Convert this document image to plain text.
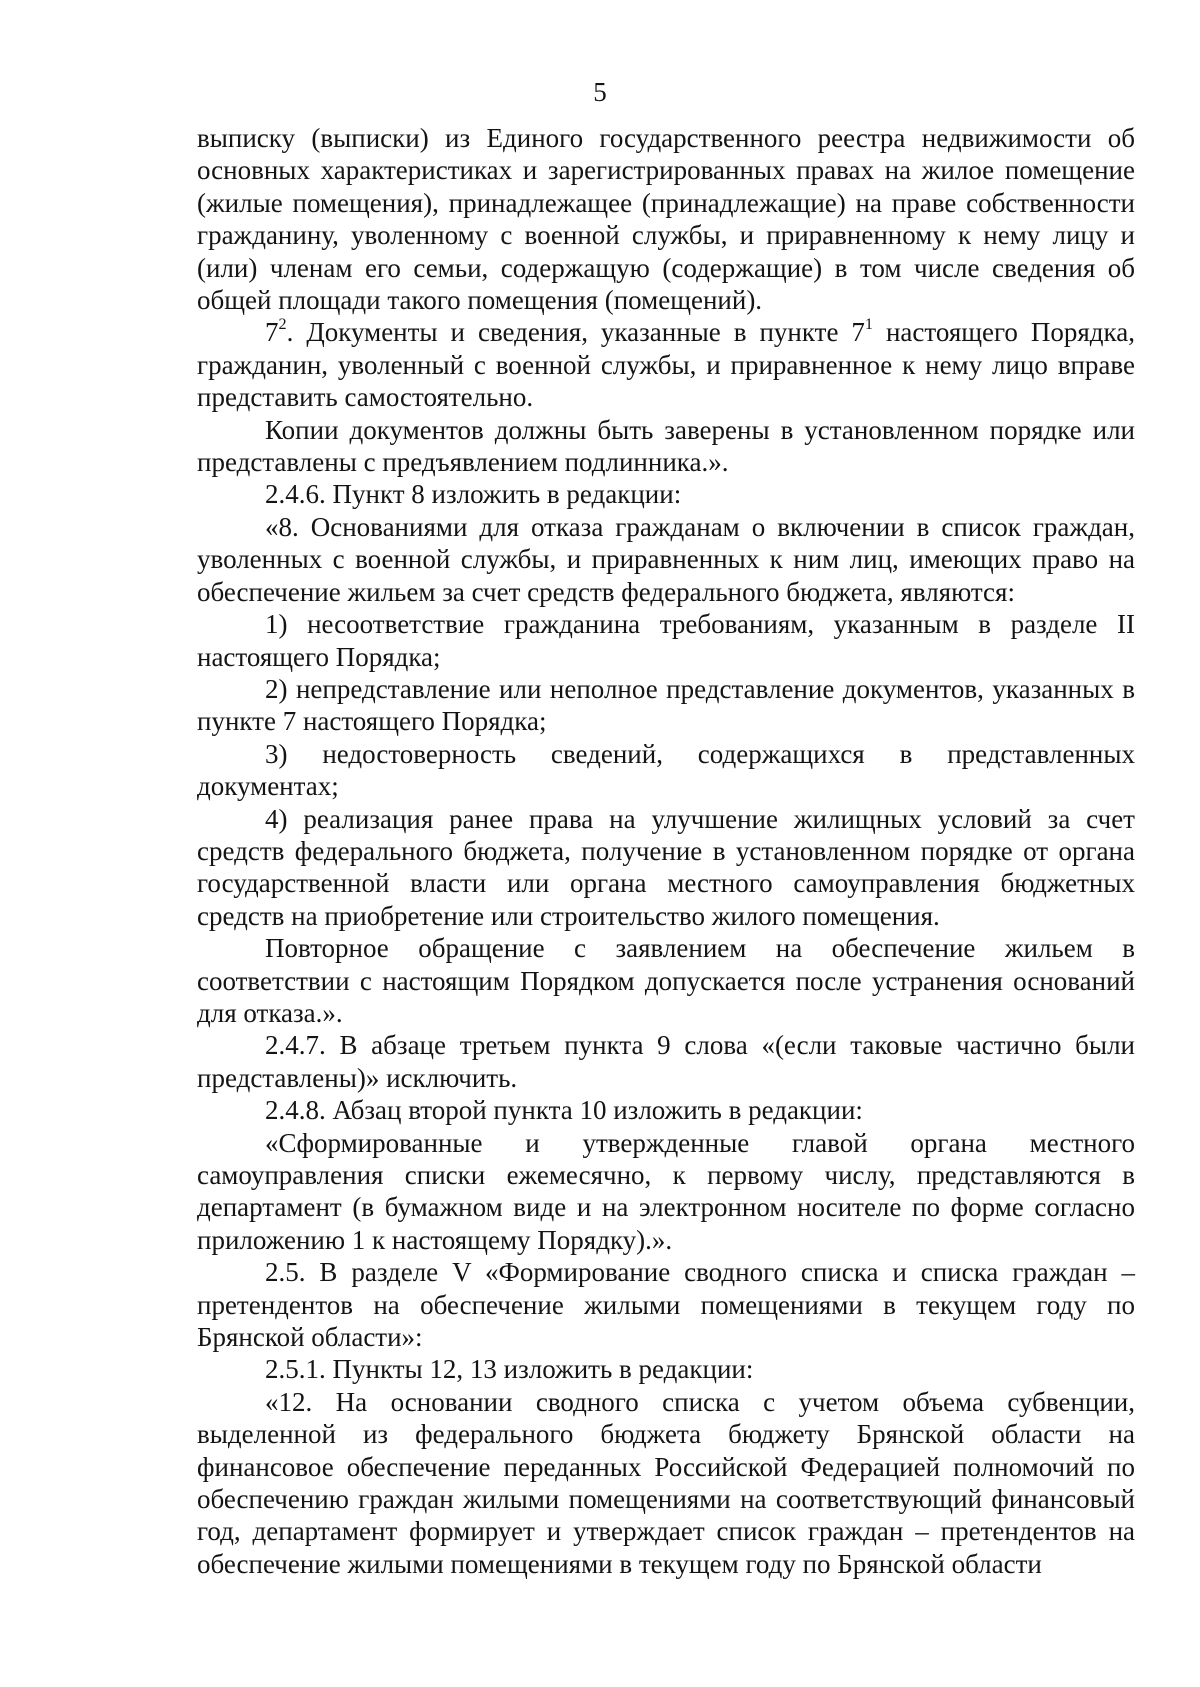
5

выписку (выписки) из Единого государственного реестра недвижимости об основных характеристиках и зарегистрированных правах на жилое помещение (жилые помещения), принадлежащее (принадлежащие) на праве собственности гражданину, уволенному с военной службы, и приравненному к нему лицу и (или) членам его семьи, содержащую (содержащие) в том числе сведения об общей площади такого помещения (помещений).

$7^2$. Документы и сведения, указанные в пункте $7^1$ настоящего Порядка, гражданин, уволенный с военной службы, и приравненное к нему лицо вправе представить самостоятельно.

Копии документов должны быть заверены в установленном порядке или представлены с предъявлением подлинника.».

2.4.6. Пункт 8 изложить в редакции:

«8. Основаниями для отказа гражданам о включении в список граждан, уволенных с военной службы, и приравненных к ним лиц, имеющих право на обеспечение жильем за счет средств федерального бюджета, являются:

1) несоответствие гражданина требованиям, указанным в разделе II настоящего Порядка;

2) непредставление или неполное представление документов, указанных в пункте 7 настоящего Порядка;

3) недостоверность сведений, содержащихся в представленных документах;

4) реализация ранее права на улучшение жилищных условий за счет средств федерального бюджета, получение в установленном порядке от органа государственной власти или органа местного самоуправления бюджетных средств на приобретение или строительство жилого помещения.

Повторное обращение с заявлением на обеспечение жильем в соответствии с настоящим Порядком допускается после устранения оснований для отказа.».

2.4.7. В абзаце третьем пункта 9 слова «(если таковые частично были представлены)» исключить.

2.4.8. Абзац второй пункта 10 изложить в редакции:

«Сформированные и утвержденные главой органа местного самоуправления списки ежемесячно, к первому числу, представляются в департамент (в бумажном виде и на электронном носителе по форме согласно приложению 1 к настоящему Порядку).».

2.5. В разделе V «Формирование сводного списка и списка граждан – претендентов на обеспечение жилыми помещениями в текущем году по Брянской области»:

2.5.1. Пункты 12, 13 изложить в редакции:

«12. На основании сводного списка с учетом объема субвенции, выделенной из федерального бюджета бюджету Брянской области на финансовое обеспечение переданных Российской Федерацией полномочий по обеспечению граждан жилыми помещениями на соответствующий финансовый год, департамент формирует и утверждает список граждан – претендентов на обеспечение жилыми помещениями в текущем году по Брянской области
